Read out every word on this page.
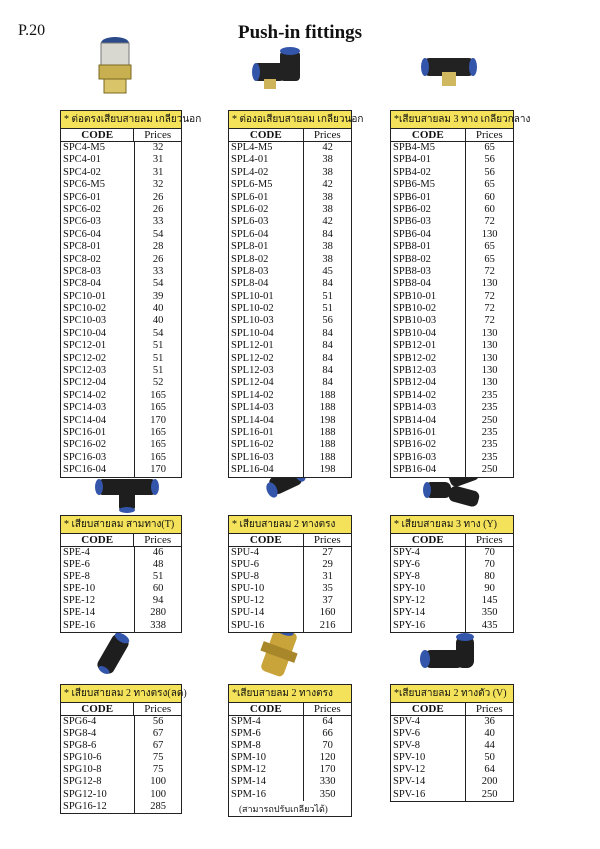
P.20	Push-in fittings
* ต่อตรงเสียบสายลม เกลียวนอก
CODE	Prices
SPC4-M5	32
SPC4-01	31
SPC4-02	31
SPC6-M5	32
SPC6-01	26
SPC6-02	26
SPC6-03	33
SPC6-04	54
SPC8-01	28
SPC8-02	26
SPC8-03	33
SPC8-04	54
SPC10-01	39
SPC10-02	40
SPC10-03	40
SPC10-04	54
SPC12-01	51
SPC12-02	51
SPC12-03	51
SPC12-04	52
SPC14-02	165
SPC14-03	165
SPC14-04	170
SPC16-01	165
SPC16-02	165
SPC16-03	165
SPC16-04	170
* ต่องอเสียบสายลม เกลียวนอก
CODE	Prices
SPL4-M5	42
SPL4-01	38
SPL4-02	38
SPL6-M5	42
SPL6-01	38
SPL6-02	38
SPL6-03	42
SPL6-04	84
SPL8-01	38
SPL8-02	38
SPL8-03	45
SPL8-04	84
SPL10-01	51
SPL10-02	51
SPL10-03	56
SPL10-04	84
SPL12-01	84
SPL12-02	84
SPL12-03	84
SPL12-04	84
SPL14-02	188
SPL14-03	188
SPL14-04	198
SPL16-01	188
SPL16-02	188
SPL16-03	188
SPL16-04	198
*เสียบสายลม 3 ทาง เกลียวกลาง
CODE	Prices
SPB4-M5	65
SPB4-01	56
SPB4-02	56
SPB6-M5	65
SPB6-01	60
SPB6-02	60
SPB6-03	72
SPB6-04	130
SPB8-01	65
SPB8-02	65
SPB8-03	72
SPB8-04	130
SPB10-01	72
SPB10-02	72
SPB10-03	72
SPB10-04	130
SPB12-01	130
SPB12-02	130
SPB12-03	130
SPB12-04	130
SPB14-02	235
SPB14-03	235
SPB14-04	250
SPB16-01	235
SPB16-02	235
SPB16-03	235
SPB16-04	250
* เสียบสายลม สามทาง(T)
CODE	Prices
SPE-4	46
SPE-6	48
SPE-8	51
SPE-10	60
SPE-12	94
SPE-14	280
SPE-16	338
* เสียบสายลม 2 ทางตรง
CODE	Prices
SPU-4	27
SPU-6	29
SPU-8	31
SPU-10	35
SPU-12	37
SPU-14	160
SPU-16	216
* เสียบสายลม 3 ทาง (Y)
CODE	Prices
SPY-4	70
SPY-6	70
SPY-8	80
SPY-10	90
SPY-12	145
SPY-14	350
SPY-16	435
* เสียบสายลม 2 ทางตรง(ลด)
CODE	Prices
SPG6-4	56
SPG8-4	67
SPG8-6	67
SPG10-6	75
SPG10-8	75
SPG12-8	100
SPG12-10	100
SPG16-12	285
*เสียบสายลม 2 ทางตรง
CODE	Prices
SPM-4	64
SPM-6	66
SPM-8	70
SPM-10	120
SPM-12	170
SPM-14	330
SPM-16	350
(สามารถปรับเกลียวได้)
*เสียบสายลม 2 ทางตัว (V)
CODE	Prices
SPV-4	36
SPV-6	40
SPV-8	44
SPV-10	50
SPV-12	64
SPV-14	200
SPV-16	250
